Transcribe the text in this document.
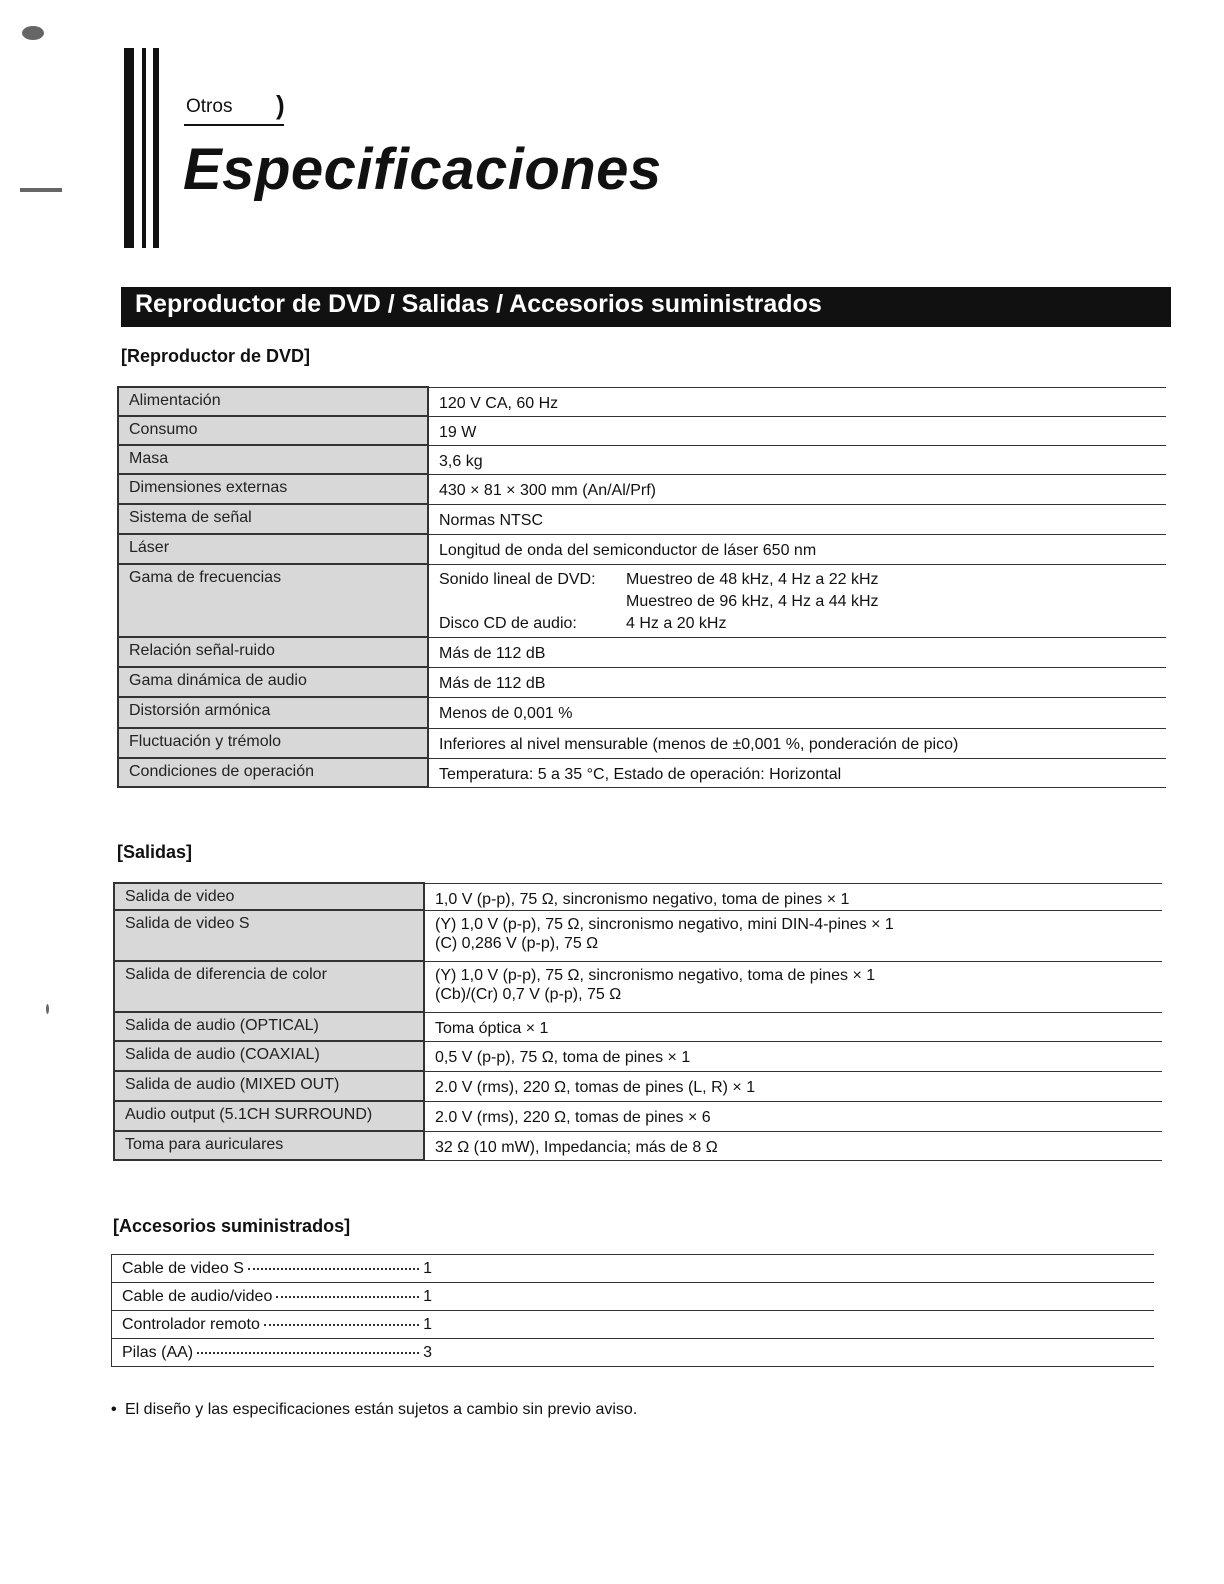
Otros )
Especificaciones
Reproductor de DVD / Salidas / Accesorios suministrados
[Reproductor de DVD]
Alimentación	120 V CA, 60 Hz
Consumo	19 W
Masa	3,6 kg
Dimensiones externas	430 × 81 × 300 mm (An/Al/Prf)
Sistema de señal	Normas NTSC
Láser	Longitud de onda del semiconductor de láser 650 nm
Gama de frecuencias	Sonido lineal de DVD: Muestreo de 48 kHz, 4 Hz a 22 kHz
Muestreo de 96 kHz, 4 Hz a 44 kHz
Disco CD de audio: 4 Hz a 20 kHz

Relación señal-ruido	Más de 112 dB
Gama dinámica de audio	Más de 112 dB
Distorsión armónica	Menos de 0,001 %
Fluctuación y trémolo	Inferiores al nivel mensurable (menos de ±0,001 %, ponderación de pico)
Condiciones de operación	Temperatura: 5 a 35 °C, Estado de operación: Horizontal
[Salidas]
Salida de video	1,0 V (p-p), 75 Ω, sincronismo negativo, toma de pines × 1
Salida de video S	(Y) 1,0 V (p-p), 75 Ω, sincronismo negativo, mini DIN-4-pines × 1
(C) 0,286 V (p-p), 75 Ω

Salida de diferencia de color	(Y) 1,0 V (p-p), 75 Ω, sincronismo negativo, toma de pines × 1
(Cb)/(Cr) 0,7 V (p-p), 75 Ω

Salida de audio (OPTICAL)	Toma óptica × 1
Salida de audio (COAXIAL)	0,5 V (p-p), 75 Ω, toma de pines × 1
Salida de audio (MIXED OUT)	2.0 V (rms), 220 Ω, tomas de pines (L, R) × 1
Audio output (5.1CH SURROUND)	2.0 V (rms), 220 Ω, tomas de pines × 6
Toma para auriculares	32 Ω (10 mW), Impedancia; más de 8 Ω
[Accesorios suministrados]
Cable de video S 1	

Cable de audio/video 1	

Controlador remoto 1	

Pilas (AA) 3	

• El diseño y las especificaciones están sujetos a cambio sin previo aviso.
